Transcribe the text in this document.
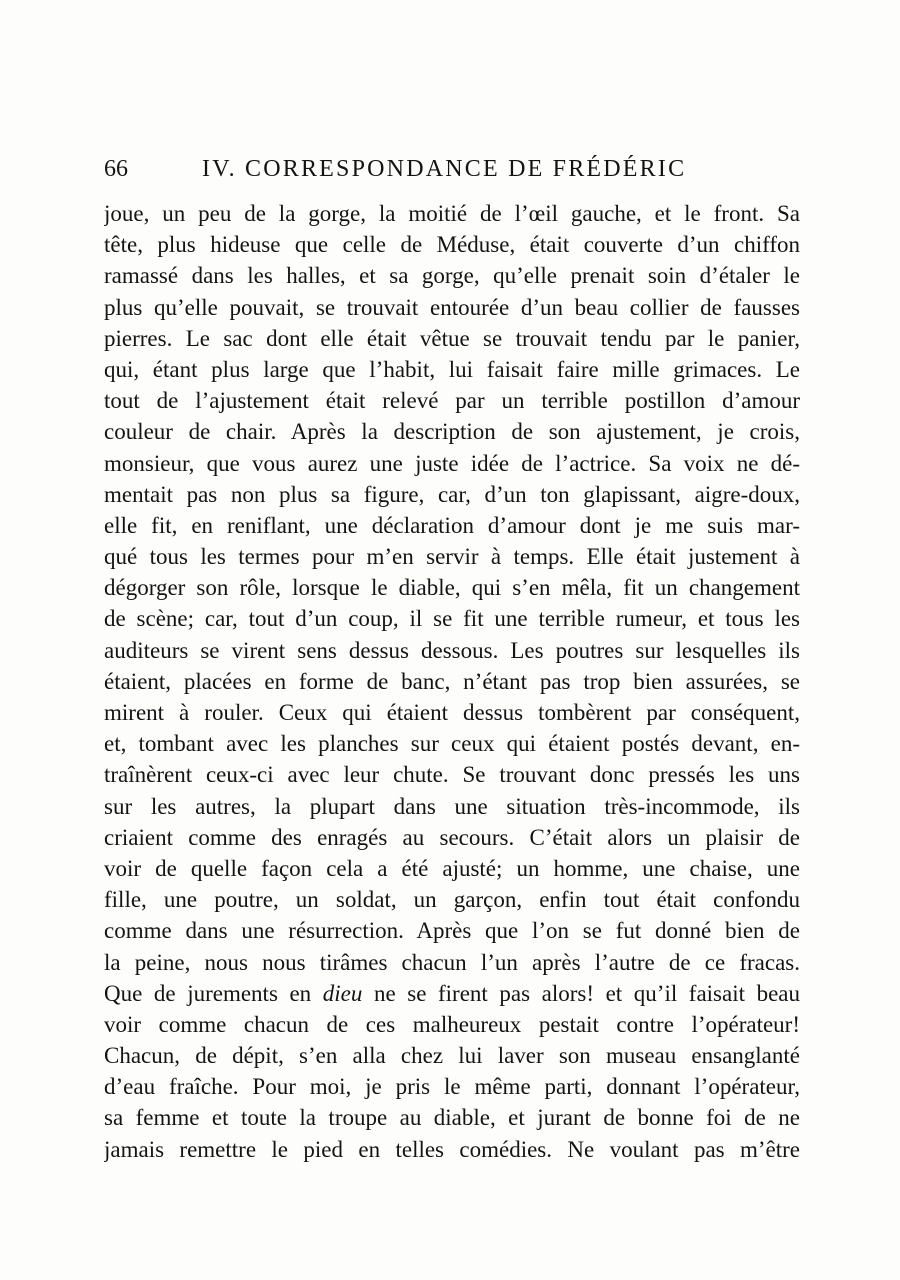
66	IV. CORRESPONDANCE DE FRÉDÉRIC
joue, un peu de la gorge, la moitié de l’œil gauche, et le front. Sa
tête, plus hideuse que celle de Méduse, était couverte d’un chiffon
ramassé dans les halles, et sa gorge, qu’elle prenait soin d’étaler le
plus qu’elle pouvait, se trouvait entourée d’un beau collier de fausses
pierres. Le sac dont elle était vêtue se trouvait tendu par le panier,
qui, étant plus large que l’habit, lui faisait faire mille grimaces. Le
tout de l’ajustement était relevé par un terrible postillon d’amour
couleur de chair. Après la description de son ajustement, je crois,
monsieur, que vous aurez une juste idée de l’actrice. Sa voix ne dé-
mentait pas non plus sa figure, car, d’un ton glapissant, aigre-doux,
elle fit, en reniflant, une déclaration d’amour dont je me suis mar-
qué tous les termes pour m’en servir à temps. Elle était justement à
dégorger son rôle, lorsque le diable, qui s’en mêla, fit un changement
de scène; car, tout d’un coup, il se fit une terrible rumeur, et tous les
auditeurs se virent sens dessus dessous. Les poutres sur lesquelles ils
étaient, placées en forme de banc, n’étant pas trop bien assurées, se
mirent à rouler. Ceux qui étaient dessus tombèrent par conséquent,
et, tombant avec les planches sur ceux qui étaient postés devant, en-
traînèrent ceux-ci avec leur chute. Se trouvant donc pressés les uns
sur les autres, la plupart dans une situation très-incommode, ils
criaient comme des enragés au secours. C’était alors un plaisir de
voir de quelle façon cela a été ajusté; un homme, une chaise, une
fille, une poutre, un soldat, un garçon, enfin tout était confondu
comme dans une résurrection. Après que l’on se fut donné bien de
la peine, nous nous tirâmes chacun l’un après l’autre de ce fracas.
Que de jurements en dieu ne se firent pas alors! et qu’il faisait beau
voir comme chacun de ces malheureux pestait contre l’opérateur!
Chacun, de dépit, s’en alla chez lui laver son museau ensanglanté
d’eau fraîche. Pour moi, je pris le même parti, donnant l’opérateur,
sa femme et toute la troupe au diable, et jurant de bonne foi de ne
jamais remettre le pied en telles comédies. Ne voulant pas m’être
